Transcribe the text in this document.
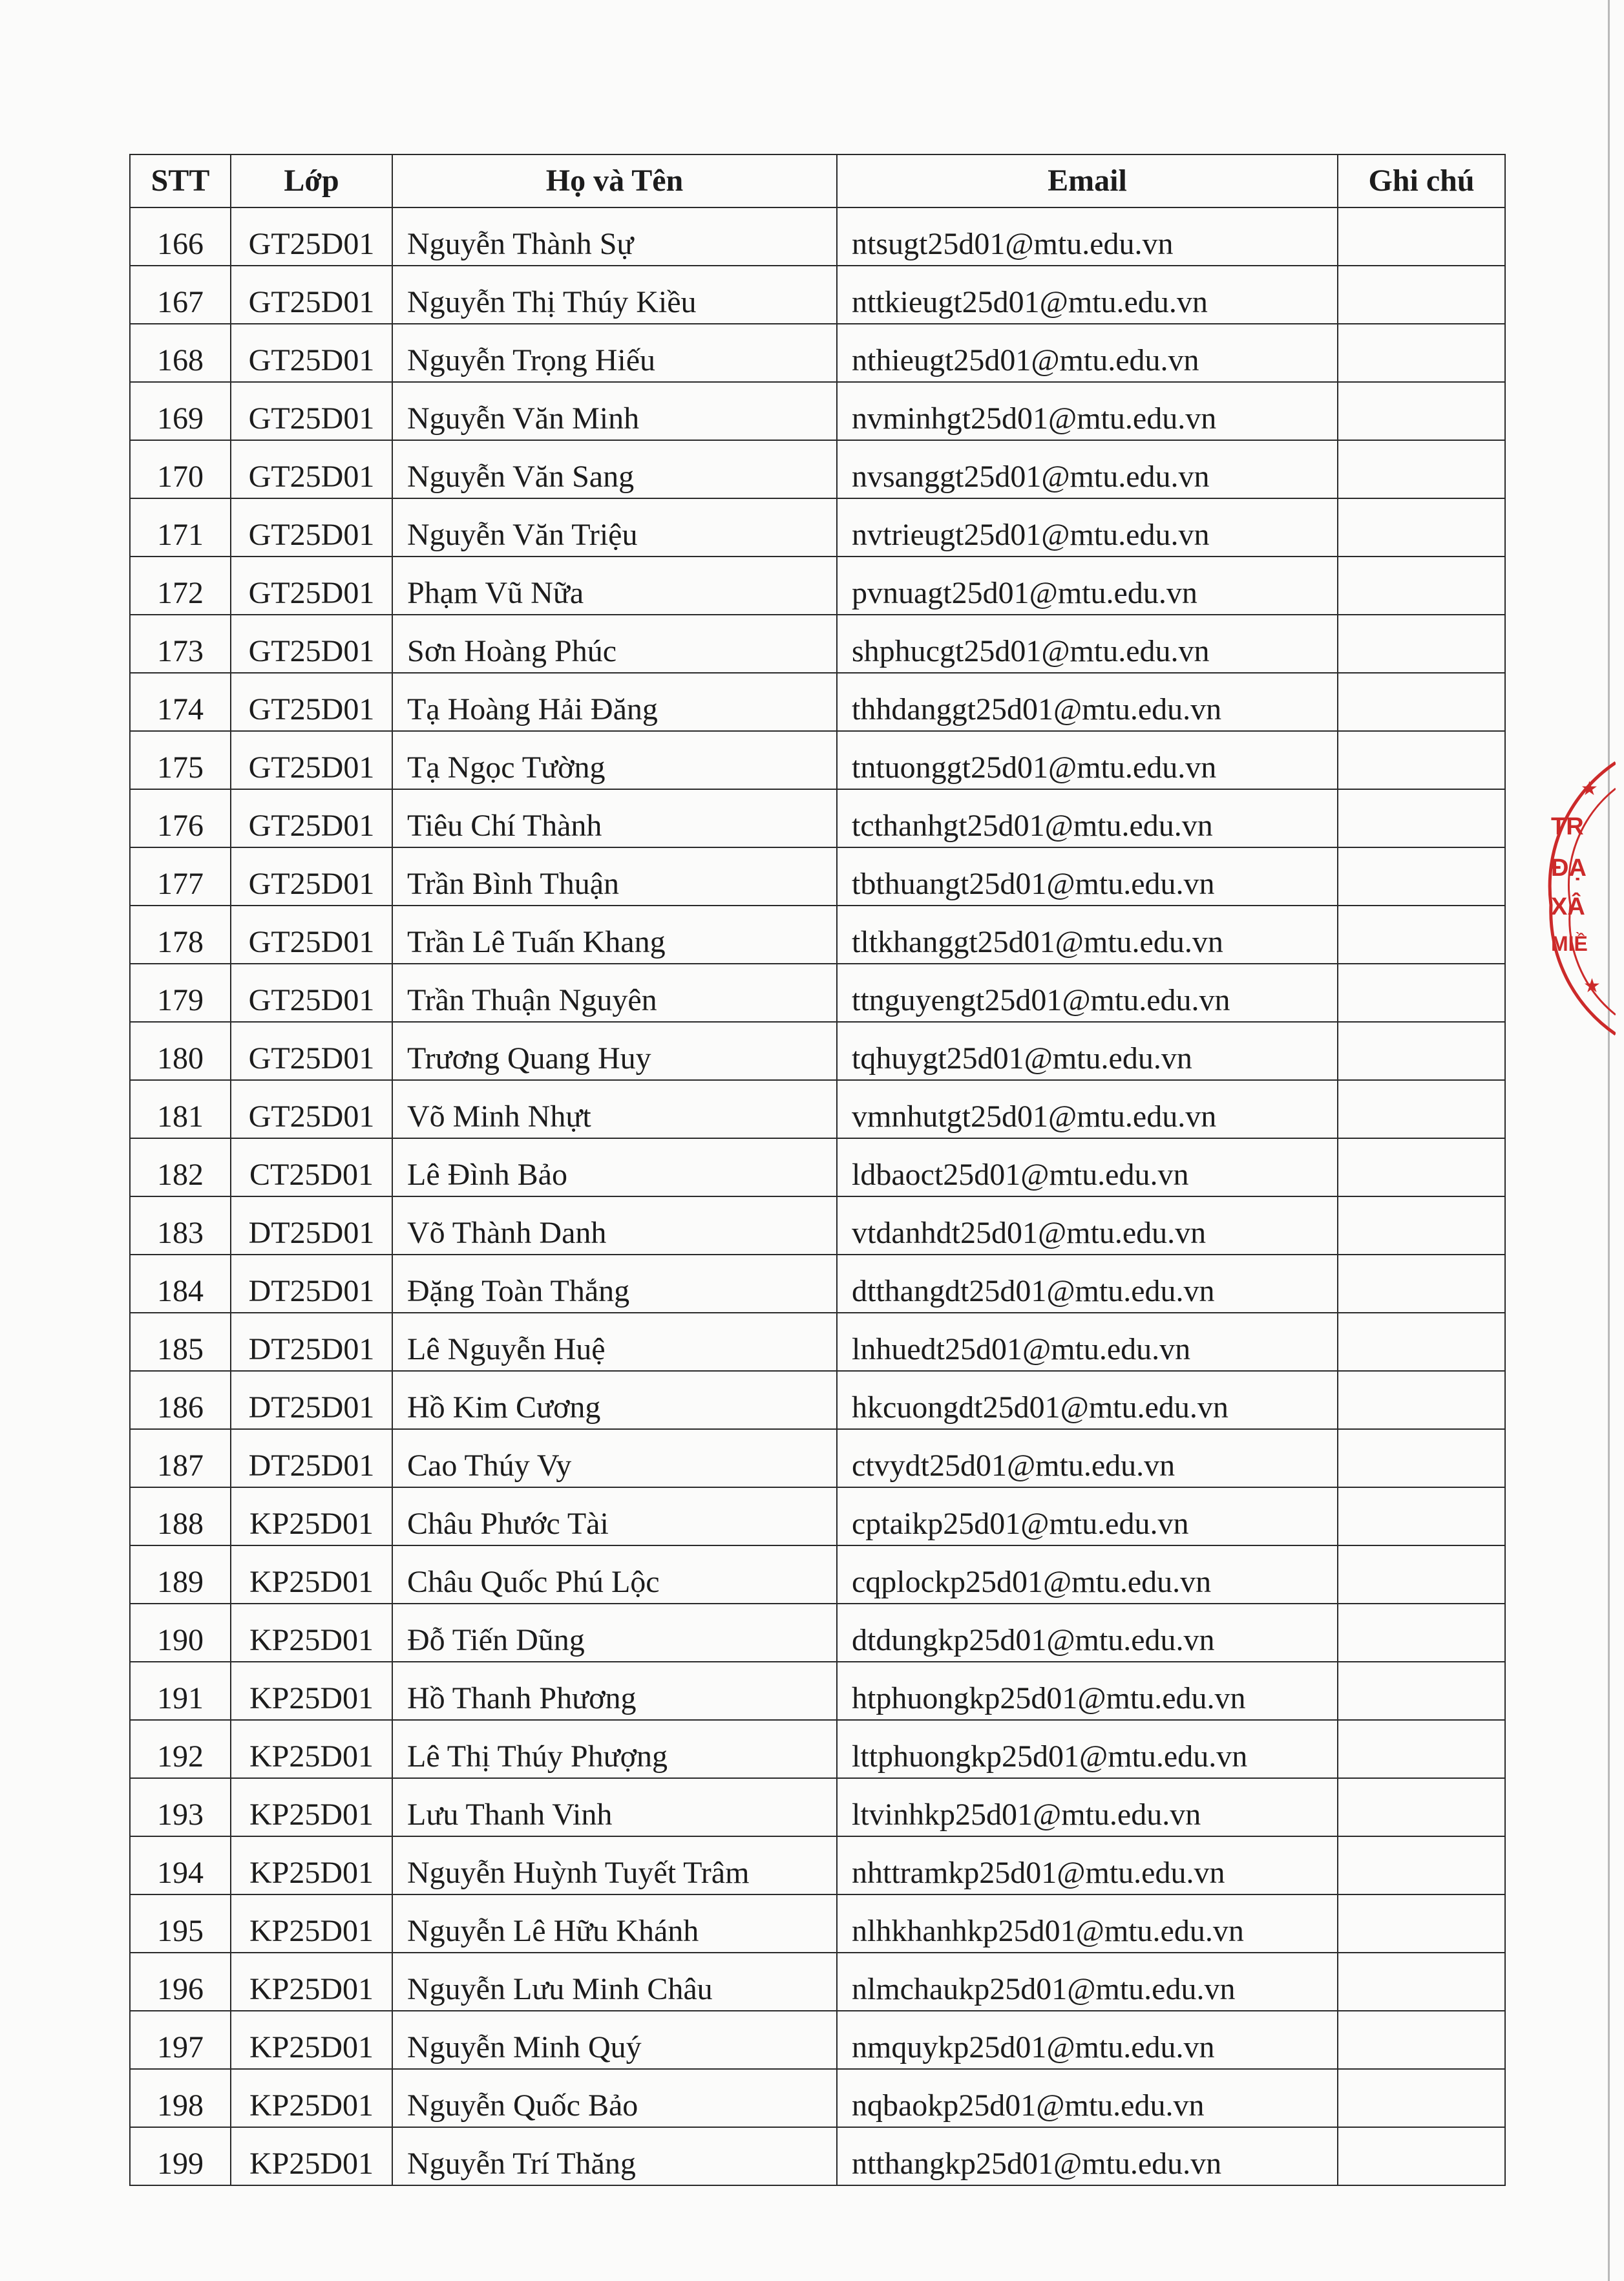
STT	Lớp	Họ và Tên	Email	Ghi chú
166	GT25D01	Nguyễn Thành Sự	ntsugt25d01@mtu.edu.vn	
167	GT25D01	Nguyễn Thị Thúy Kiều	nttkieugt25d01@mtu.edu.vn	
168	GT25D01	Nguyễn Trọng Hiếu	nthieugt25d01@mtu.edu.vn	
169	GT25D01	Nguyễn Văn Minh	nvminhgt25d01@mtu.edu.vn	
170	GT25D01	Nguyễn Văn Sang	nvsanggt25d01@mtu.edu.vn	
171	GT25D01	Nguyễn Văn Triệu	nvtrieugt25d01@mtu.edu.vn	
172	GT25D01	Phạm Vũ Nữa	pvnuagt25d01@mtu.edu.vn	
173	GT25D01	Sơn Hoàng Phúc	shphucgt25d01@mtu.edu.vn	
174	GT25D01	Tạ Hoàng Hải Đăng	thhdanggt25d01@mtu.edu.vn	
175	GT25D01	Tạ Ngọc Tường	tntuonggt25d01@mtu.edu.vn	
176	GT25D01	Tiêu Chí Thành	tcthanhgt25d01@mtu.edu.vn	
177	GT25D01	Trần Bình Thuận	tbthuangt25d01@mtu.edu.vn	
178	GT25D01	Trần Lê Tuấn Khang	tltkhanggt25d01@mtu.edu.vn	
179	GT25D01	Trần Thuận Nguyên	ttnguyengt25d01@mtu.edu.vn	
180	GT25D01	Trương Quang Huy	tqhuygt25d01@mtu.edu.vn	
181	GT25D01	Võ Minh Nhựt	vmnhutgt25d01@mtu.edu.vn	
182	CT25D01	Lê Đình Bảo	ldbaoct25d01@mtu.edu.vn	
183	DT25D01	Võ Thành Danh	vtdanhdt25d01@mtu.edu.vn	
184	DT25D01	Đặng Toàn Thắng	dtthangdt25d01@mtu.edu.vn	
185	DT25D01	Lê Nguyễn Huệ	lnhuedt25d01@mtu.edu.vn	
186	DT25D01	Hồ Kim Cương	hkcuongdt25d01@mtu.edu.vn	
187	DT25D01	Cao Thúy Vy	ctvydt25d01@mtu.edu.vn	
188	KP25D01	Châu Phước Tài	cptaikp25d01@mtu.edu.vn	
189	KP25D01	Châu Quốc Phú Lộc	cqplockp25d01@mtu.edu.vn	
190	KP25D01	Đỗ Tiến Dũng	dtdungkp25d01@mtu.edu.vn	
191	KP25D01	Hồ Thanh Phương	htphuongkp25d01@mtu.edu.vn	
192	KP25D01	Lê Thị Thúy Phượng	lttphuongkp25d01@mtu.edu.vn	
193	KP25D01	Lưu Thanh Vinh	ltvinhkp25d01@mtu.edu.vn	
194	KP25D01	Nguyễn Huỳnh Tuyết Trâm	nhttramkp25d01@mtu.edu.vn	
195	KP25D01	Nguyễn Lê Hữu Khánh	nlhkhanhkp25d01@mtu.edu.vn	
196	KP25D01	Nguyễn Lưu Minh Châu	nlmchaukp25d01@mtu.edu.vn	
197	KP25D01	Nguyễn Minh Quý	nmquykp25d01@mtu.edu.vn	
198	KP25D01	Nguyễn Quốc Bảo	nqbaokp25d01@mtu.edu.vn	
199	KP25D01	Nguyễn Trí Thăng	ntthangkp25d01@mtu.edu.vn	
★
★
TR
ĐẠ
XÂ
MIỀ
